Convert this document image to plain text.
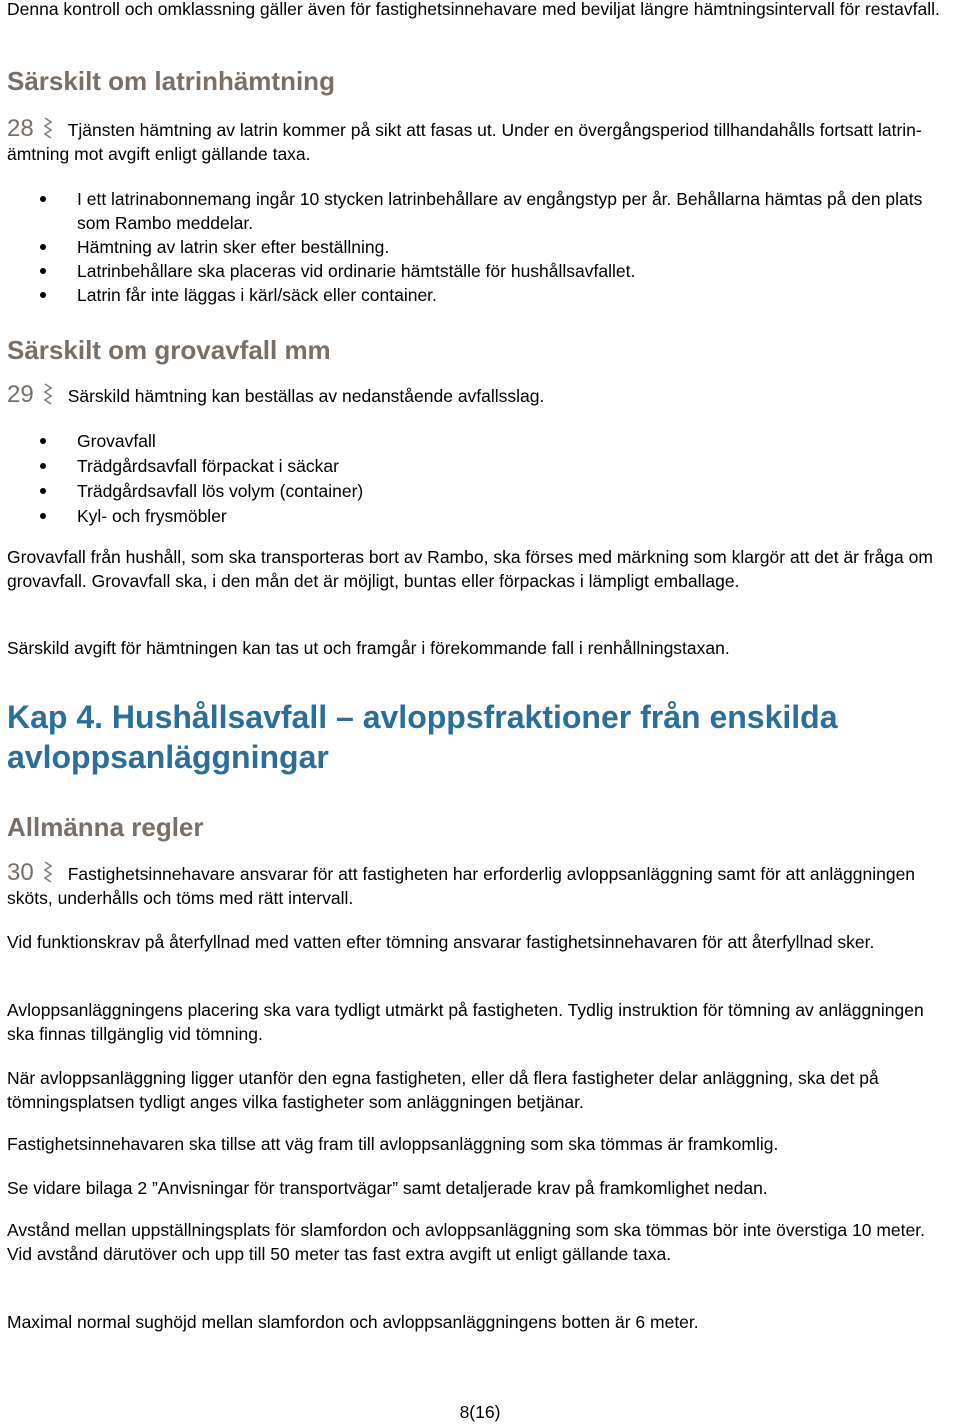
Denna kontroll och omklassning gäller även för fastighetsinnehavare med beviljat längre hämtningsintervall för restavfall.

Särskilt om latrinhämtning
28 Tjänsten hämtning av latrin kommer på sikt att fasas ut. Under en övergångsperiod tillhandahålls fortsatt latrin-ämtning mot avgift enligt gällande taxa.
I ett latrinabonnemang ingår 10 stycken latrinbehållare av engångstyp per år. Behållarna hämtas på den plats som Rambo meddelar.
Hämtning av latrin sker efter beställning.
Latrinbehållare ska placeras vid ordinarie hämtställe för hushållsavfallet.
Latrin får inte läggas i kärl/säck eller container.
Särskilt om grovavfall mm
29 Särskild hämtning kan beställas av nedanstående avfallsslag.
Grovavfall
Trädgårdsavfall förpackat i säckar
Trädgårdsavfall lös volym (container)
Kyl- och frysmöbler

Grovavfall från hushåll, som ska transporteras bort av Rambo, ska förses med märkning som klargör att det är fråga om grovavfall. Grovavfall ska, i den mån det är möjligt, buntas eller förpackas i lämpligt emballage.

Särskild avgift för hämtningen kan tas ut och framgår i förekommande fall i renhållningstaxan.

Kap 4. Hushållsavfall – avloppsfraktioner från enskilda avloppsanläggningar
Allmänna regler
30 Fastighetsinnehavare ansvarar för att fastigheten har erforderlig avloppsanläggning samt för att anläggningen sköts, underhålls och töms med rätt intervall.

Vid funktionskrav på återfyllnad med vatten efter tömning ansvarar fastighetsinnehavaren för att återfyllnad sker.

Avloppsanläggningens placering ska vara tydligt utmärkt på fastigheten. Tydlig instruktion för tömning av anläggningen ska finnas tillgänglig vid tömning.

När avloppsanläggning ligger utanför den egna fastigheten, eller då flera fastigheter delar anläggning, ska det på tömningsplatsen tydligt anges vilka fastigheter som anläggningen betjänar.

Fastighetsinnehavaren ska tillse att väg fram till avloppsanläggning som ska tömmas är framkomlig.

Se vidare bilaga 2 ”Anvisningar för transportvägar” samt detaljerade krav på framkomlighet nedan.

Avstånd mellan uppställningsplats för slamfordon och avloppsanläggning som ska tömmas bör inte överstiga 10 meter. Vid avstånd därutöver och upp till 50 meter tas fast extra avgift ut enligt gällande taxa.

Maximal normal sughöjd mellan slamfordon och avloppsanläggningens botten är 6 meter.

8(16)
